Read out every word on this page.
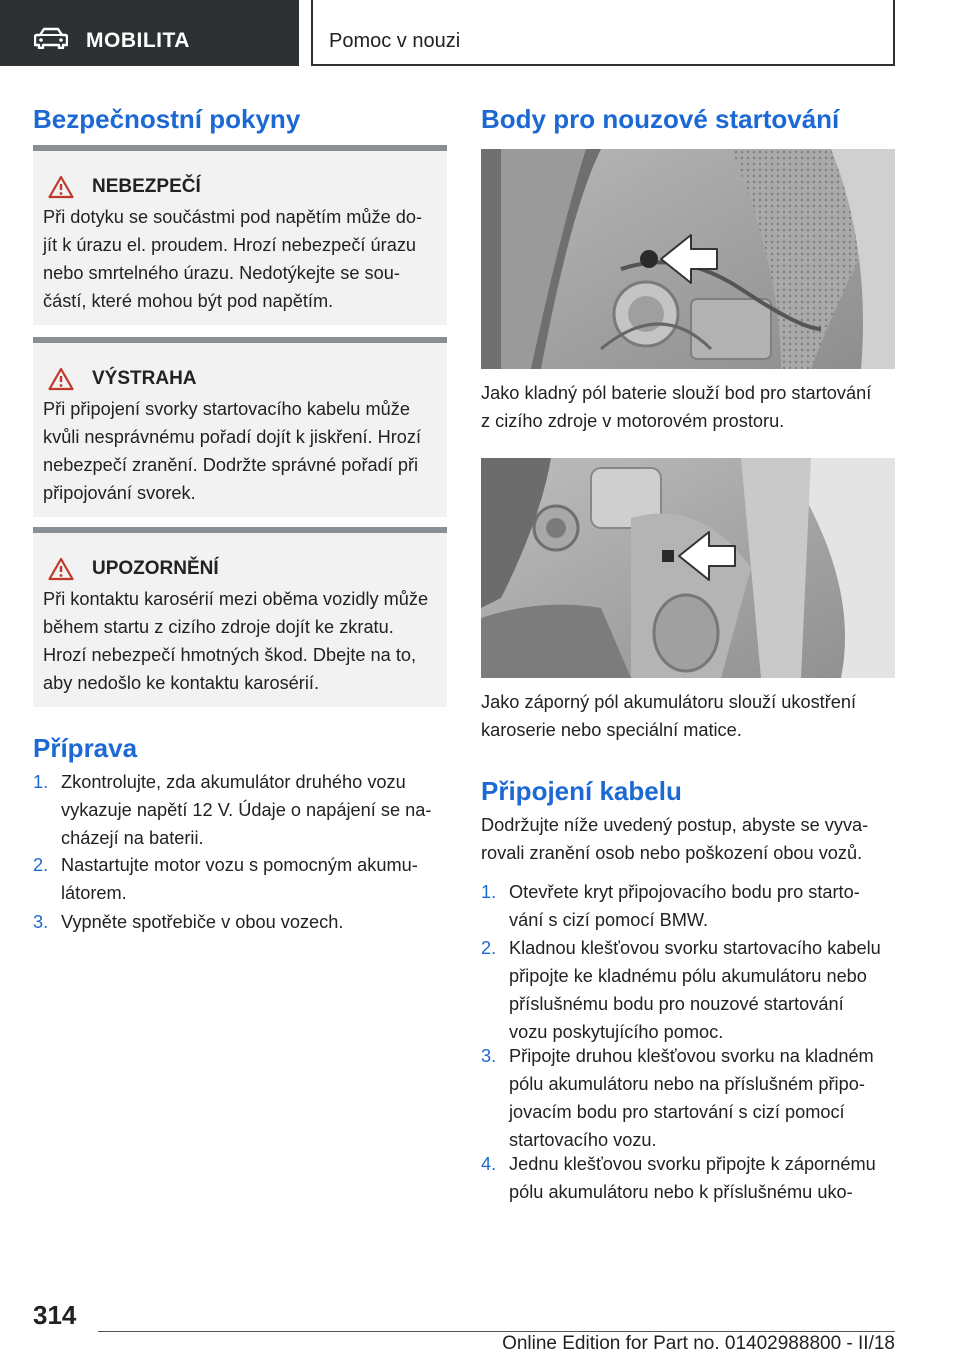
MOBILITA	Pomoc v nouzi
Bezpečnostní pokyny
NEBEZPEČÍ
Při dotyku se součástmi pod napětím může do‐
jít k úrazu el. proudem. Hrozí nebezpečí úrazu
nebo smrtelného úrazu. Nedotýkejte se sou‐
částí, které mohou být pod napětím.
VÝSTRAHA
Při připojení svorky startovacího kabelu může
kvůli nesprávnému pořadí dojít k jiskření. Hrozí
nebezpečí zranění. Dodržte správné pořadí při
připojování svorek.
UPOZORNĚNÍ
Při kontaktu karosérií mezi oběma vozidly může
během startu z cizího zdroje dojít ke zkratu.
Hrozí nebezpečí hmotných škod. Dbejte na to,
aby nedošlo ke kontaktu karosérií.
Příprava
1. Zkontrolujte, zda akumulátor druhého vozu
vykazuje napětí 12 V. Údaje o napájení se na‐
cházejí na baterii.
2. Nastartujte motor vozu s pomocným akumu‐
látorem.
3. Vypněte spotřebiče v obou vozech.
Body pro nouzové startování
Jako kladný pól baterie slouží bod pro startování
z cizího zdroje v motorovém prostoru.
Jako záporný pól akumulátoru slouží ukostření
karoserie nebo speciální matice.
Připojení kabelu
Dodržujte níže uvedený postup, abyste se vyva‐
rovali zranění osob nebo poškození obou vozů.
1. Otevřete kryt připojovacího bodu pro starto‐
vání s cizí pomocí BMW.
2. Kladnou klešťovou svorku startovacího kabelu
připojte ke kladnému pólu akumulátoru nebo
příslušnému bodu pro nouzové startování
vozu poskytujícího pomoc.
3. Připojte druhou klešťovou svorku na kladném
pólu akumulátoru nebo na příslušném připo‐
jovacím bodu pro startování s cizí pomocí
startovacího vozu.
4. Jednu klešťovou svorku připojte k zápornému
pólu akumulátoru nebo k příslušnému uko‐
314
Online Edition for Part no. 01402988800 - II/18
